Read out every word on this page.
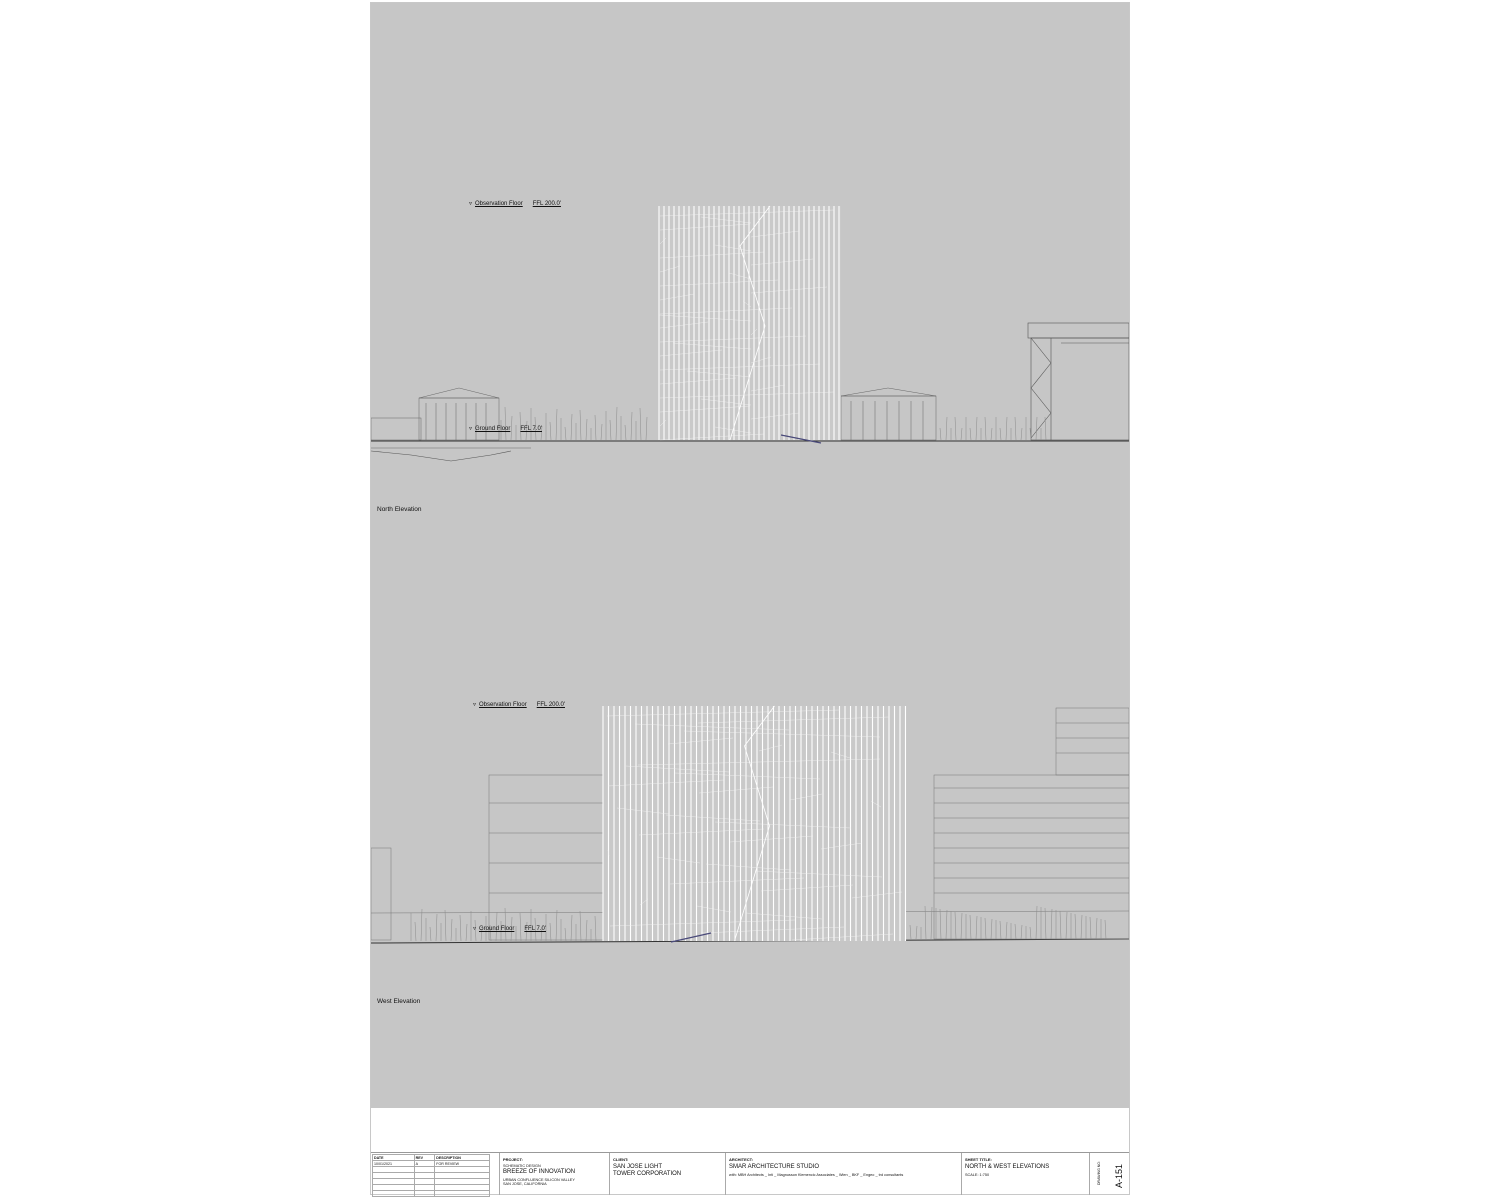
▿ Observation Floor FFL 200.0'
▿ Ground Floor FFL 7.0'
North Elevation
▿ Observation Floor FFL 200.0'
▿ Ground Floor FFL 7.0'
West Elevation
DATE	REV	DESCRIPTION
10/01/2021	A	FOR REVIEW

PROJECT:
SCHEMATIC DESIGN
BREEZE OF INNOVATION
URBAN CONFLUENCE SILICON VALLEY
SAN JOSE, CALIFORNIA
CLIENT:
SAN JOSE LIGHT
TOWER CORPORATION
ARCHITECT:
SMAR ARCHITECTURE STUDIO
with: MBH Architects _ Inti _ Magnusson Klemencic Associates _ Wien _ BKF _ Engeo _ trd consultants
SHEET TITLE:
NORTH & WEST ELEVATIONS
SCALE: 1:750	DRAWING NO: A-151
